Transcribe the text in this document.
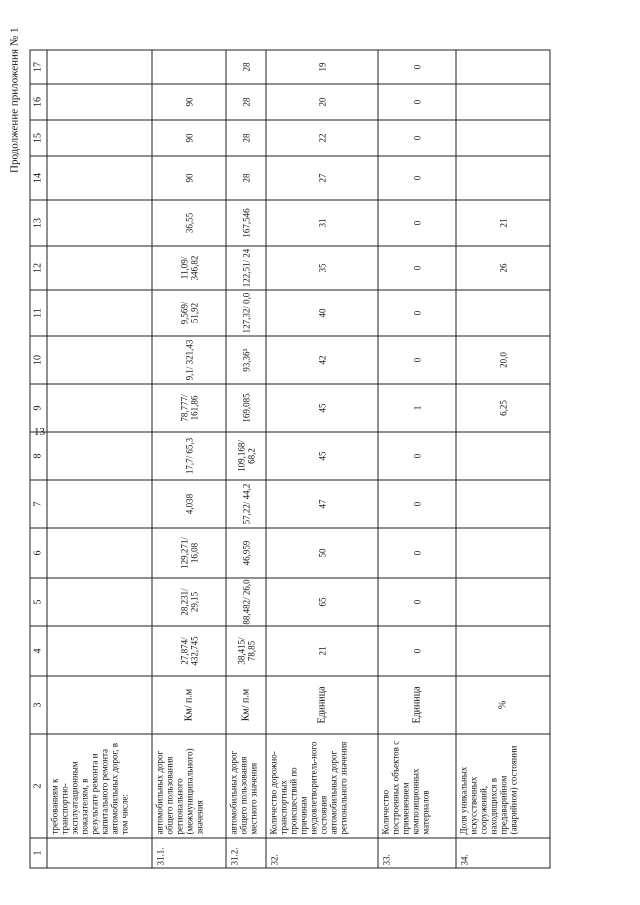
13
Продолжение приложения № 1
1	2	3	4	5	6	7	8	9	10	11	12	13	14	15	16	17
	требованиям к транспортно-эксплуатационным показателям, в результате ремонта и капитального ремонта автомобильных дорог, в том числе:															
31.1.	автомобильных дорог общего пользования регионального (межмуниципального) значения	Км/ п.м	27,874/ 432,745	28,231/ 29,15	129,271/ 16,08	4,038	17,7/ 65,3	78,777/ 161,86	9,1/ 321,43	9,569/ 51,92	11,09/ 346,82	36,55	90	90	90	
31.2.	автомобильных дорог общего пользования местного значения	Км/ п.м	38,415/ 78,85	88,482/ 26,0	46,959	57,22/ 44,2	109,168/ 68,2	169,085	93,36⁵	127,32/ 0,0	122,51/ 24	167,546	28	28	28	28
32.	Количество дорожно-транспортных происшествий по причинам неудовлетворитель-ного состояния автомобильных дорог регионального значения	Единица	21	65	50	47	45	45	42	40	35	31	27	22	20	19
33.	Количество построенных объектов с применением композиционных материалов	Единица	0	0	0	0	0	1	0	0	0	0	0	0	0	0
34.	Доля уникальных искусственных сооружений, находящихся в предаварийном (аварийном) состоянии	%						6,25	20,0		26	21				
